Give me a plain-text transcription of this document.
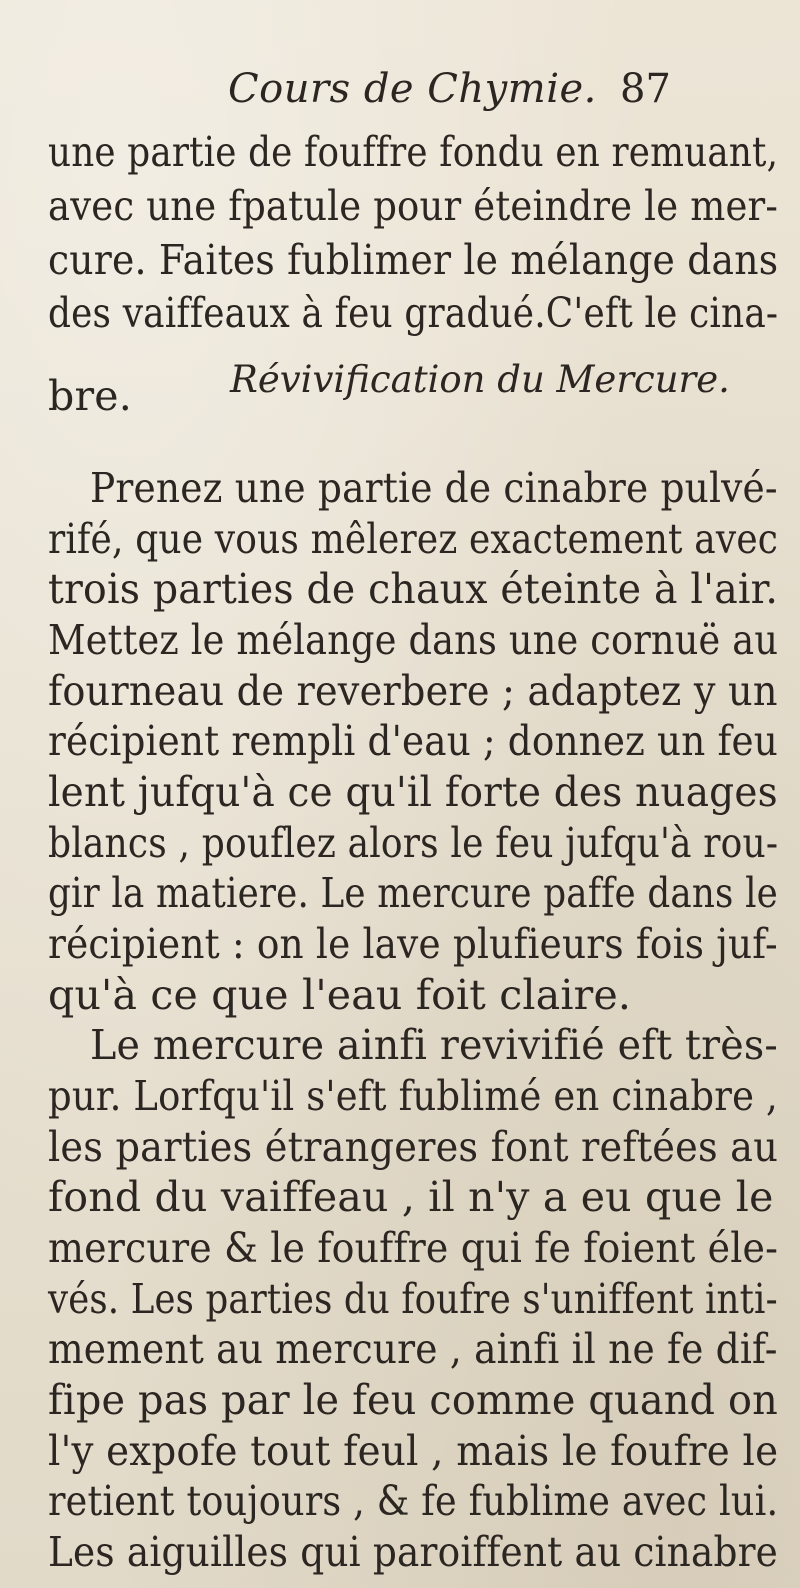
Cours de Chymie. 87
une partie de fouffre fondu en remuant,
avec une fpatule pour éteindre le mer-
cure. Faites fublimer le mélange dans
des vaiffeaux à feu gradué.C'eft le cina-
bre.	Révivification du Mercure.
Prenez une partie de cinabre pulvé-
rifé, que vous mêlerez exactement avec
trois parties de chaux éteinte à l'air.
Mettez le mélange dans une cornuë au
fourneau de reverbere ; adaptez y un
récipient rempli d'eau ; donnez un feu
lent jufqu'à ce qu'il forte des nuages
blancs , pouflez alors le feu jufqu'à rou-
gir la matiere. Le mercure paffe dans le
récipient : on le lave plufieurs fois juf-
qu'à ce que l'eau foit claire.
Le mercure ainfi revivifié eft très-
pur. Lorfqu'il s'eft fublimé en cinabre ,
les parties étrangeres font reftées au
fond du vaiffeau , il n'y a eu que le
mercure & le fouffre qui fe foient éle-
vés. Les parties du foufre s'uniffent inti-
mement au mercure , ainfi il ne fe dif-
fipe pas par le feu comme quand on
l'y expofe tout feul , mais le foufre le
retient toujours , & fe fublime avec lui.
Les aiguilles qui paroiffent au cinabre
